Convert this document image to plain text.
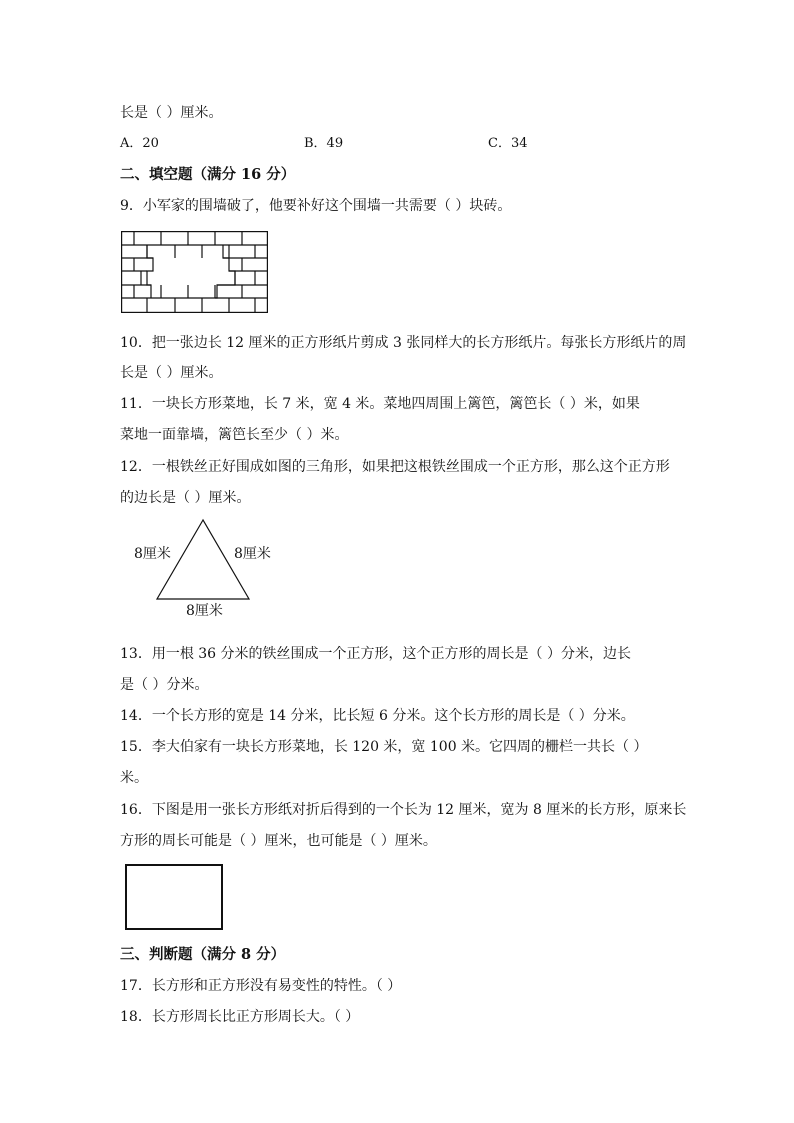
长是（ ）厘米。
A．20	B．49	C．34
二、填空题（满分 16 分）
9．小军家的围墙破了，他要补好这个围墙一共需要（ ）块砖。
10．把一张边长 12 厘米的正方形纸片剪成 3 张同样大的长方形纸片。每张长方形纸片的周
长是（ ）厘米。
11．一块长方形菜地，长 7 米，宽 4 米。菜地四周围上篱笆，篱笆长（ ）米，如果
菜地一面靠墙，篱笆长至少（ ）米。
12．一根铁丝正好围成如图的三角形，如果把这根铁丝围成一个正方形，那么这个正方形
的边长是（ ）厘米。
8厘米	8厘米
8厘米
13．用一根 36 分米的铁丝围成一个正方形，这个正方形的周长是（ ）分米，边长
是（ ）分米。
14．一个长方形的宽是 14 分米，比长短 6 分米。这个长方形的周长是（ ）分米。
15．李大伯家有一块长方形菜地，长 120 米，宽 100 米。它四周的栅栏一共长（ ）
米。
16．下图是用一张长方形纸对折后得到的一个长为 12 厘米，宽为 8 厘米的长方形，原来长
方形的周长可能是（ ）厘米，也可能是（ ）厘米。
三、判断题（满分 8 分）
17．长方形和正方形没有易变性的特性。（ ）
18．长方形周长比正方形周长大。（ ）
